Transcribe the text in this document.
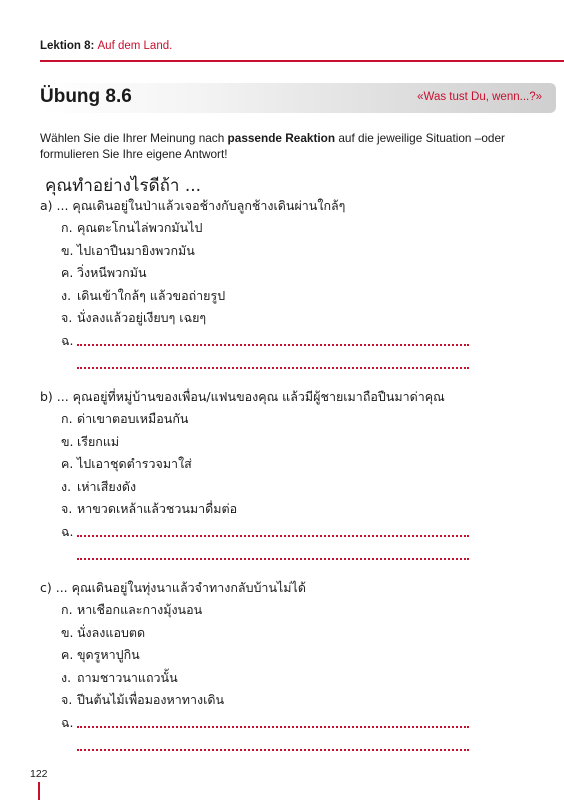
Lektion 8: Auf dem Land.
Übung 8.6	«Was tust Du, wenn...?»
Wählen Sie die Ihrer Meinung nach passende Reaktion auf die jeweilige Situation –oder formulieren Sie Ihre eigene Antwort!
คุณทำอย่างไรดีถ้า ...
a) ... คุณเดินอยู่ในป่าแล้วเจอช้างกับลูกช้างเดินผ่านใกล้ๆ
ก. คุณตะโกนไล่พวกมันไป
ข. ไปเอาปืนมายิงพวกมัน
ค. วิ่งหนีพวกมัน
ง. เดินเข้าใกล้ๆ แล้วขอถ่ายรูป
จ. นั่งลงแล้วอยู่เงียบๆ เฉยๆ
ฉ.
b) ... คุณอยู่ที่หมู่บ้านของเพื่อน/แฟนของคุณ แล้วมีผู้ชายเมาถือปืนมาด่าคุณ
ก. ด่าเขาตอบเหมือนกัน
ข. เรียกแม่
ค. ไปเอาชุดตำรวจมาใส่
ง. เห่าเสียงดัง
จ. หาขวดเหล้าแล้วชวนมาดื่มต่อ
ฉ.
c) ... คุณเดินอยู่ในทุ่งนาแล้วจำทางกลับบ้านไม่ได้
ก. หาเชือกและกางมุ้งนอน
ข. นั่งลงแอบตด
ค. ขุดรูหาปูกิน
ง. ถามชาวนาแถวนั้น
จ. ปีนต้นไม้เพื่อมองหาทางเดิน
ฉ.
122
